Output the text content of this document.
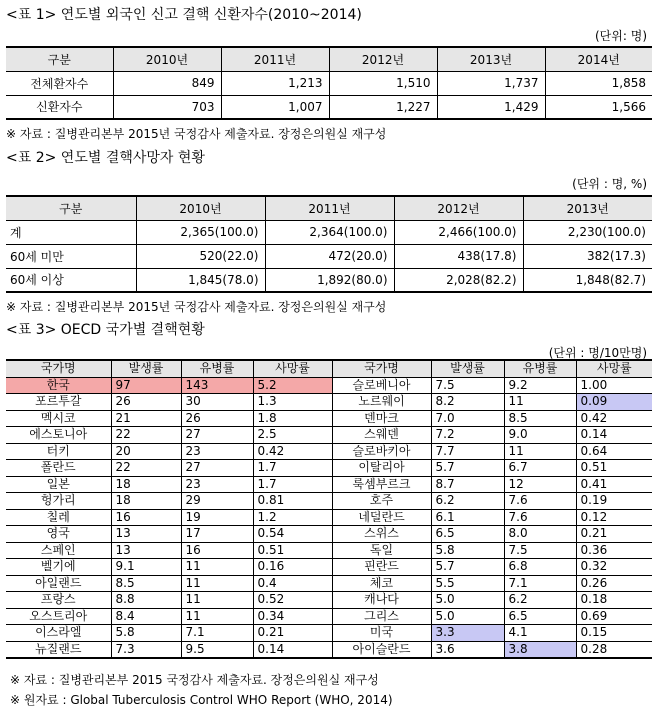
<표 1> 연도별 외국인 신고 결핵 신환자수(2010~2014)
(단위: 명)
구분	2010년	2011년	2012년	2013년	2014년
전체환자수	849	1,213	1,510	1,737	1,858
신환자수	703	1,007	1,227	1,429	1,566
※ 자료 : 질병관리본부 2015년 국정감사 제출자료. 장정은의원실 재구성
<표 2> 연도별 결핵사망자 현황
(단위 : 명, %)
구분	2010년	2011년	2012년	2013년
계	2,365(100.0)	2,364(100.0)	2,466(100.0)	2,230(100.0)
60세 미만	520(22.0)	472(20.0)	438(17.8)	382(17.3)
60세 이상	1,845(78.0)	1,892(80.0)	2,028(82.2)	1,848(82.7)
※ 자료 : 질병관리본부 2015년 국정감사 제출자료. 장정은의원실 재구성
<표 3> OECD 국가별 결핵현황
(단위 : 명/10만명)
국가명	발생률	유병률	사망률	국가명	발생률	유병률	사망률
한국	97	143	5.2	슬로베니아	7.5	9.2	1.00
포르투갈	26	30	1.3	노르웨이	8.2	11	0.09
멕시코	21	26	1.8	덴마크	7.0	8.5	0.42
에스토니아	22	27	2.5	스웨덴	7.2	9.0	0.14
터키	20	23	0.42	슬로바키아	7.7	11	0.64
폴란드	22	27	1.7	이탈리아	5.7	6.7	0.51
일본	18	23	1.7	룩셈부르크	8.7	12	0.41
헝가리	18	29	0.81	호주	6.2	7.6	0.19
칠레	16	19	1.2	네덜란드	6.1	7.6	0.12
영국	13	17	0.54	스위스	6.5	8.0	0.21
스페인	13	16	0.51	독일	5.8	7.5	0.36
벨기에	9.1	11	0.16	핀란드	5.7	6.8	0.32
아일랜드	8.5	11	0.4	체코	5.5	7.1	0.26
프랑스	8.8	11	0.52	캐나다	5.0	6.2	0.18
오스트리아	8.4	11	0.34	그리스	5.0	6.5	0.69
이스라엘	5.8	7.1	0.21	미국	3.3	4.1	0.15
뉴질랜드	7.3	9.5	0.14	아이슬란드	3.6	3.8	0.28
※ 자료 : 질병관리본부 2015 국정감사 제출자료. 장정은의원실 재구성
※ 원자료 : Global Tuberculosis Control WHO Report (WHO, 2014)
